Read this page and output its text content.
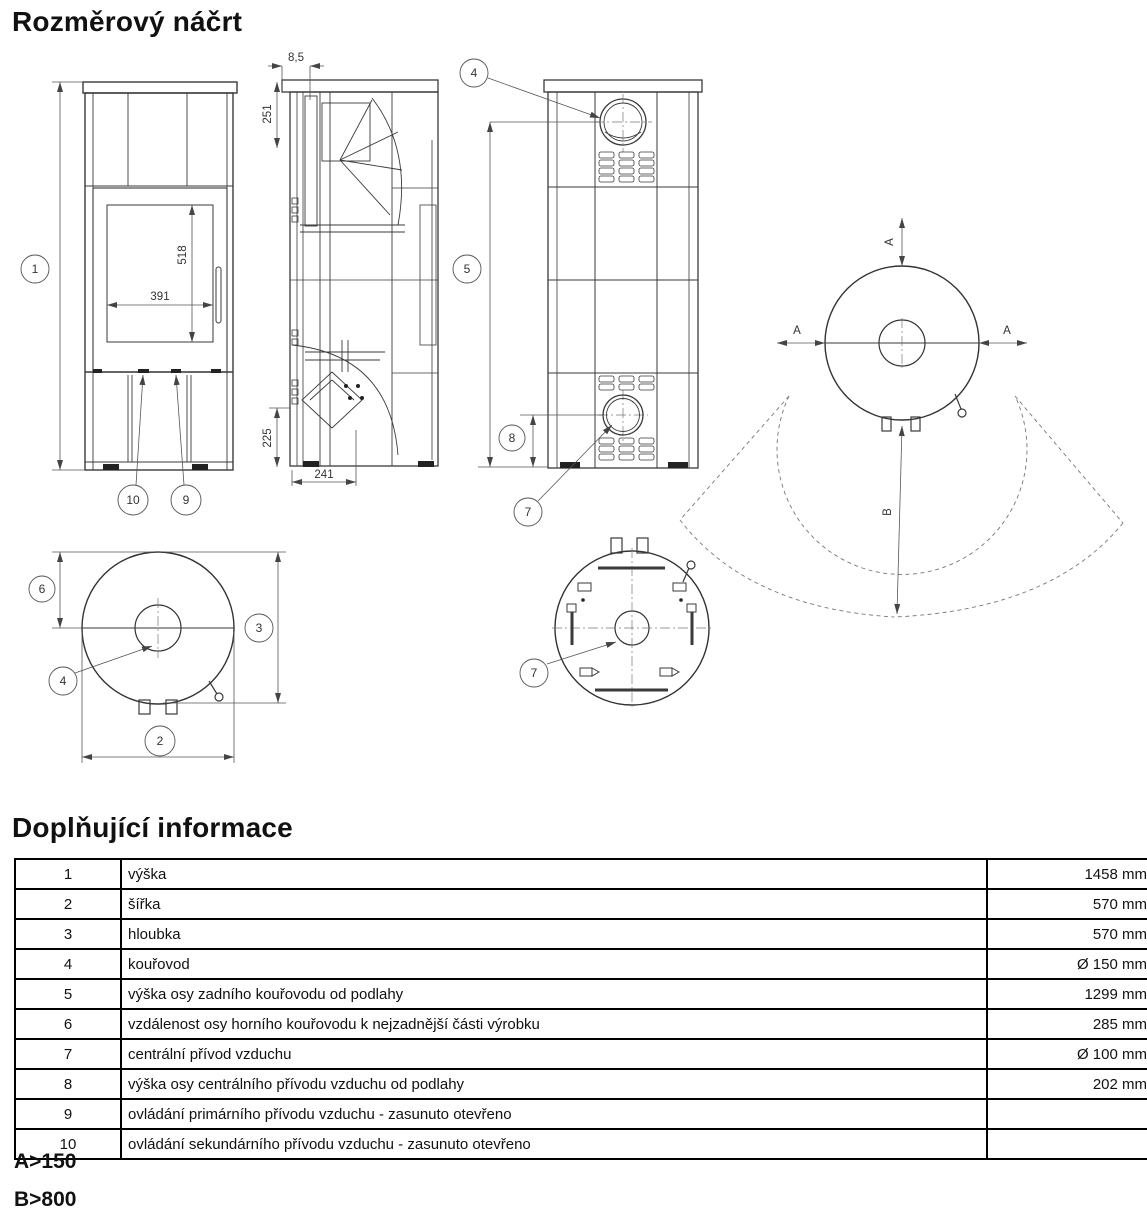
Rozměrový náčrt
518
391
1
10	9
8,5
251
225
241
4
5
8
7
A
A	A
B
6
3
2
4
7
Doplňující informace
1	výška	1458 mm
2	šířka	570 mm
3	hloubka	570 mm
4	kouřovod	Ø 150 mm
5	výška osy zadního kouřovodu od podlahy	1299 mm
6	vzdálenost osy horního kouřovodu k nejzadnější části výrobku	285 mm
7	centrální přívod vzduchu	Ø 100 mm
8	výška osy centrálního přívodu vzduchu od podlahy	202 mm
9	ovládání primárního přívodu vzduchu - zasunuto otevřeno	
10	ovládání sekundárního přívodu vzduchu - zasunuto otevřeno	
A>150
B>800
